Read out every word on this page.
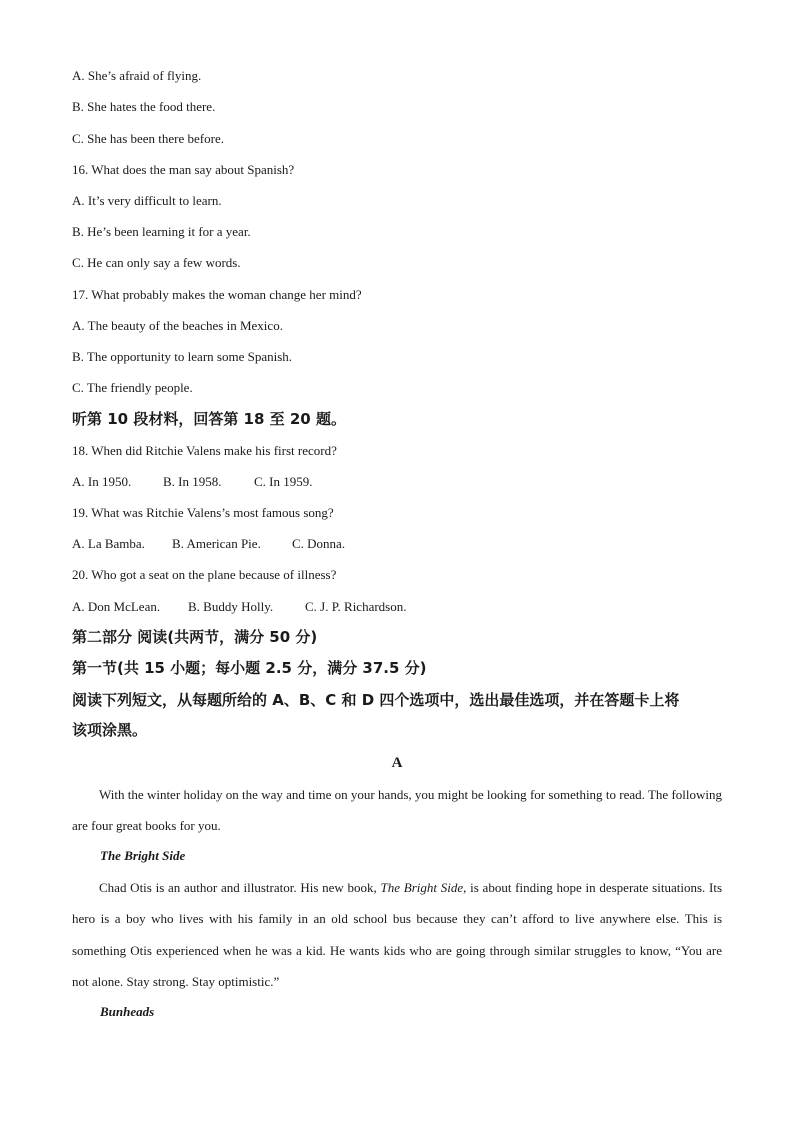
A. She’s afraid of flying.
B. She hates the food there.
C. She has been there before.
16. What does the man say about Spanish?
A. It’s very difficult to learn.
B. He’s been learning it for a year.
C. He can only say a few words.
17. What probably makes the woman change her mind?
A. The beauty of the beaches in Mexico.
B. The opportunity to learn some Spanish.
C. The friendly people.
听第 10 段材料，回答第 18 至 20 题。
18. When did Ritchie Valens make his first record?
A. In 1950. B. In 1958.	C. In 1959.
19. What was Ritchie Valens’s most famous song?
A. La Bamba. B. American Pie. C. Donna.
20. Who got a seat on the plane because of illness?
A. Don McLean. B. Buddy Holly. C. J. P. Richardson.
第二部分 阅读(共两节，满分 50 分)
第一节(共 15 小题；每小题 2.5 分，满分 37.5 分)
阅读下列短文，从每题所给的 A、B、C 和 D 四个选项中，选出最佳选项，并在答题卡上将
该项涂黑。
A
With the winter holiday on the way and time on your hands, you might be looking for something to read. The following are four great books for you.
The Bright Side
Chad Otis is an author and illustrator. His new book, The Bright Side, is about finding hope in desperate situations. Its hero is a boy who lives with his family in an old school bus because they can’t afford to live anywhere else. This is something Otis experienced when he was a kid. He wants kids who are going through similar struggles to know, “You are not alone. Stay strong. Stay optimistic.”
Bunheads
